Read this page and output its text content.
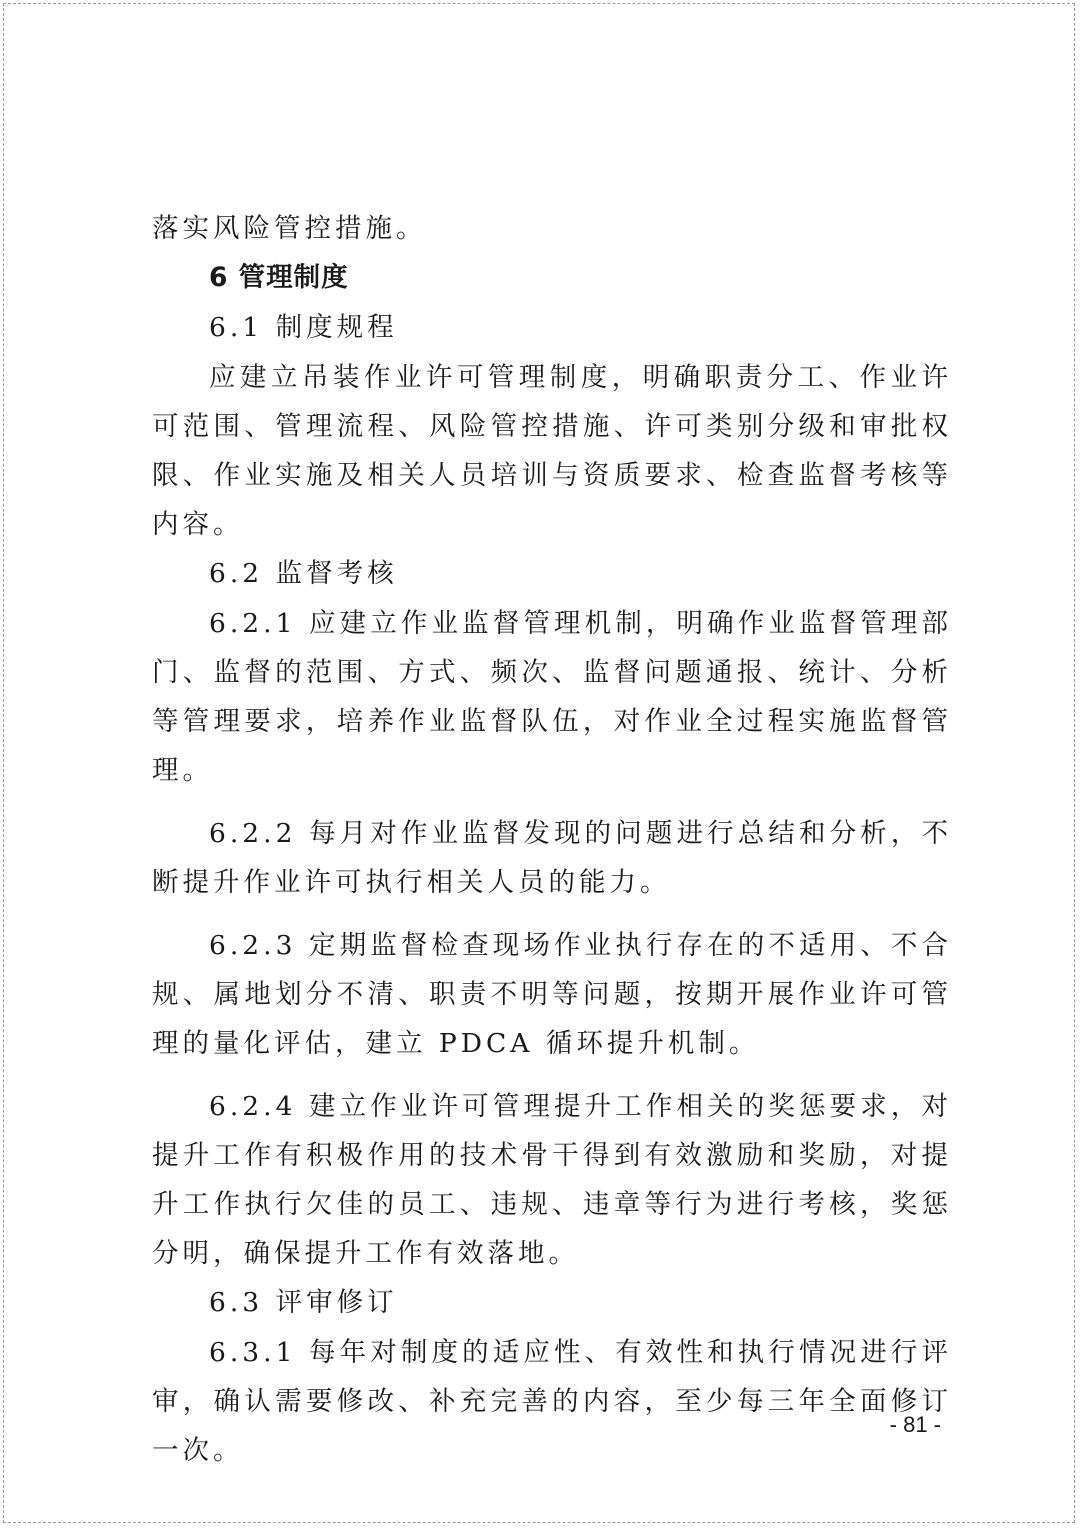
落实风险管控措施。

6 管理制度

6.1 制度规程

应建立吊装作业许可管理制度，明确职责分工、作业许可范围、管理流程、风险管控措施、许可类别分级和审批权限、作业实施及相关人员培训与资质要求、检查监督考核等内容。

6.2 监督考核

6.2.1 应建立作业监督管理机制，明确作业监督管理部门、监督的范围、方式、频次、监督问题通报、统计、分析等管理要求，培养作业监督队伍，对作业全过程实施监督管理。

6.2.2 每月对作业监督发现的问题进行总结和分析，不断提升作业许可执行相关人员的能力。

6.2.3 定期监督检查现场作业执行存在的不适用、不合规、属地划分不清、职责不明等问题，按期开展作业许可管理的量化评估，建立 PDCA 循环提升机制。

6.2.4 建立作业许可管理提升工作相关的奖惩要求，对提升工作有积极作用的技术骨干得到有效激励和奖励，对提升工作执行欠佳的员工、违规、违章等行为进行考核，奖惩分明，确保提升工作有效落地。

6.3 评审修订

6.3.1 每年对制度的适应性、有效性和执行情况进行评审，确认需要修改、补充完善的内容，至少每三年全面修订一次。

- 81 -
